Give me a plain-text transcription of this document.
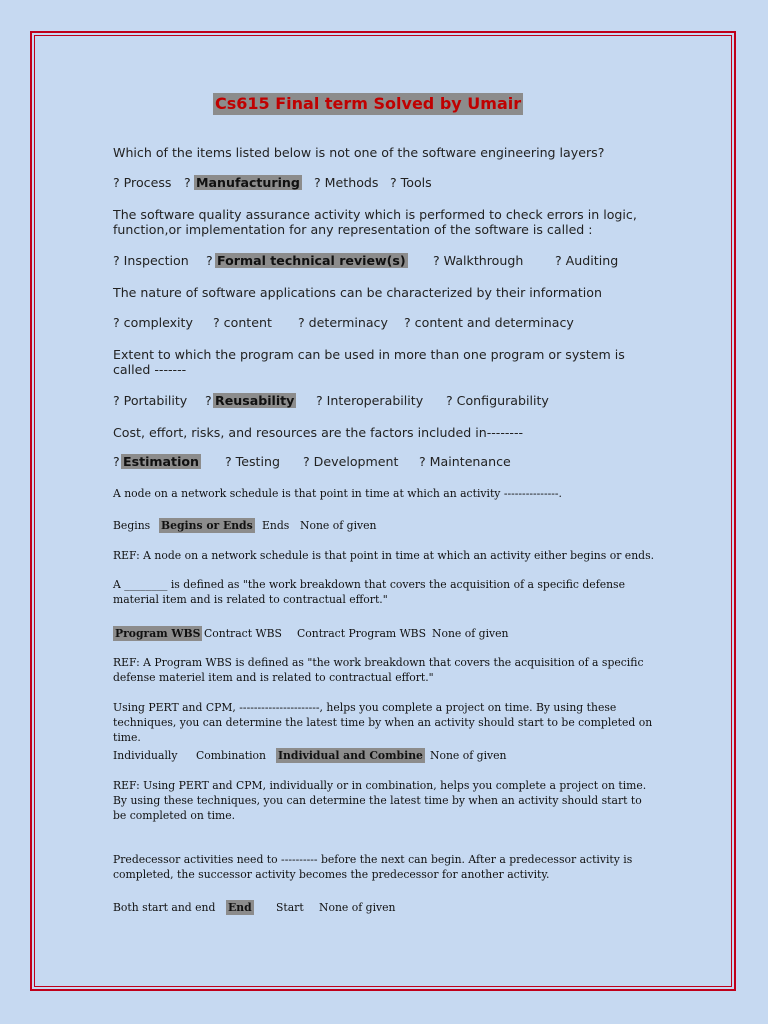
Cs615 Final term Solved by Umair
Which of the items listed below is not one of the software engineering layers?
? Process ? Manufacturing ? Methods ? Tools
The software quality assurance activity which is performed to check errors in logic, function,or implementation for any representation of the software is called :
? Inspection ? Formal technical review(s) ? Walkthrough	? Auditing
The nature of software applications can be characterized by their information
? complexity ? content ? determinacy ? content and determinacy
Extent to which the program can be used in more than one program or system is called -------
? Portability ? Reusability ? Interoperability ? Configurability
Cost, effort, risks, and resources are the factors included in--------
? Estimation ? Testing ? Development ? Maintenance
A node on a network schedule is that point in time at which an activity ---------------.
Begins Begins or Ends Ends None of given
REF: A node on a network schedule is that point in time at which an activity either begins or ends.
A ________ is defined as "the work breakdown that covers the acquisition of a specific defense material item and is related to contractual effort."
Program WBS Contract WBS Contract Program WBS None of given
REF: A Program WBS is defined as "the work breakdown that covers the acquisition of a specific defense materiel item and is related to contractual effort."
Using PERT and CPM, ----------------------, helps you complete a project on time. By using these techniques, you can determine the latest time by when an activity should start to be completed on time.
Individually Combination Individual and Combine None of given
REF: Using PERT and CPM, individually or in combination, helps you complete a project on time. By using these techniques, you can determine the latest time by when an activity should start to be completed on time.
Predecessor activities need to ---------- before the next can begin. After a predecessor activity is completed, the successor activity becomes the predecessor for another activity.
Both start and end End Start None of given
